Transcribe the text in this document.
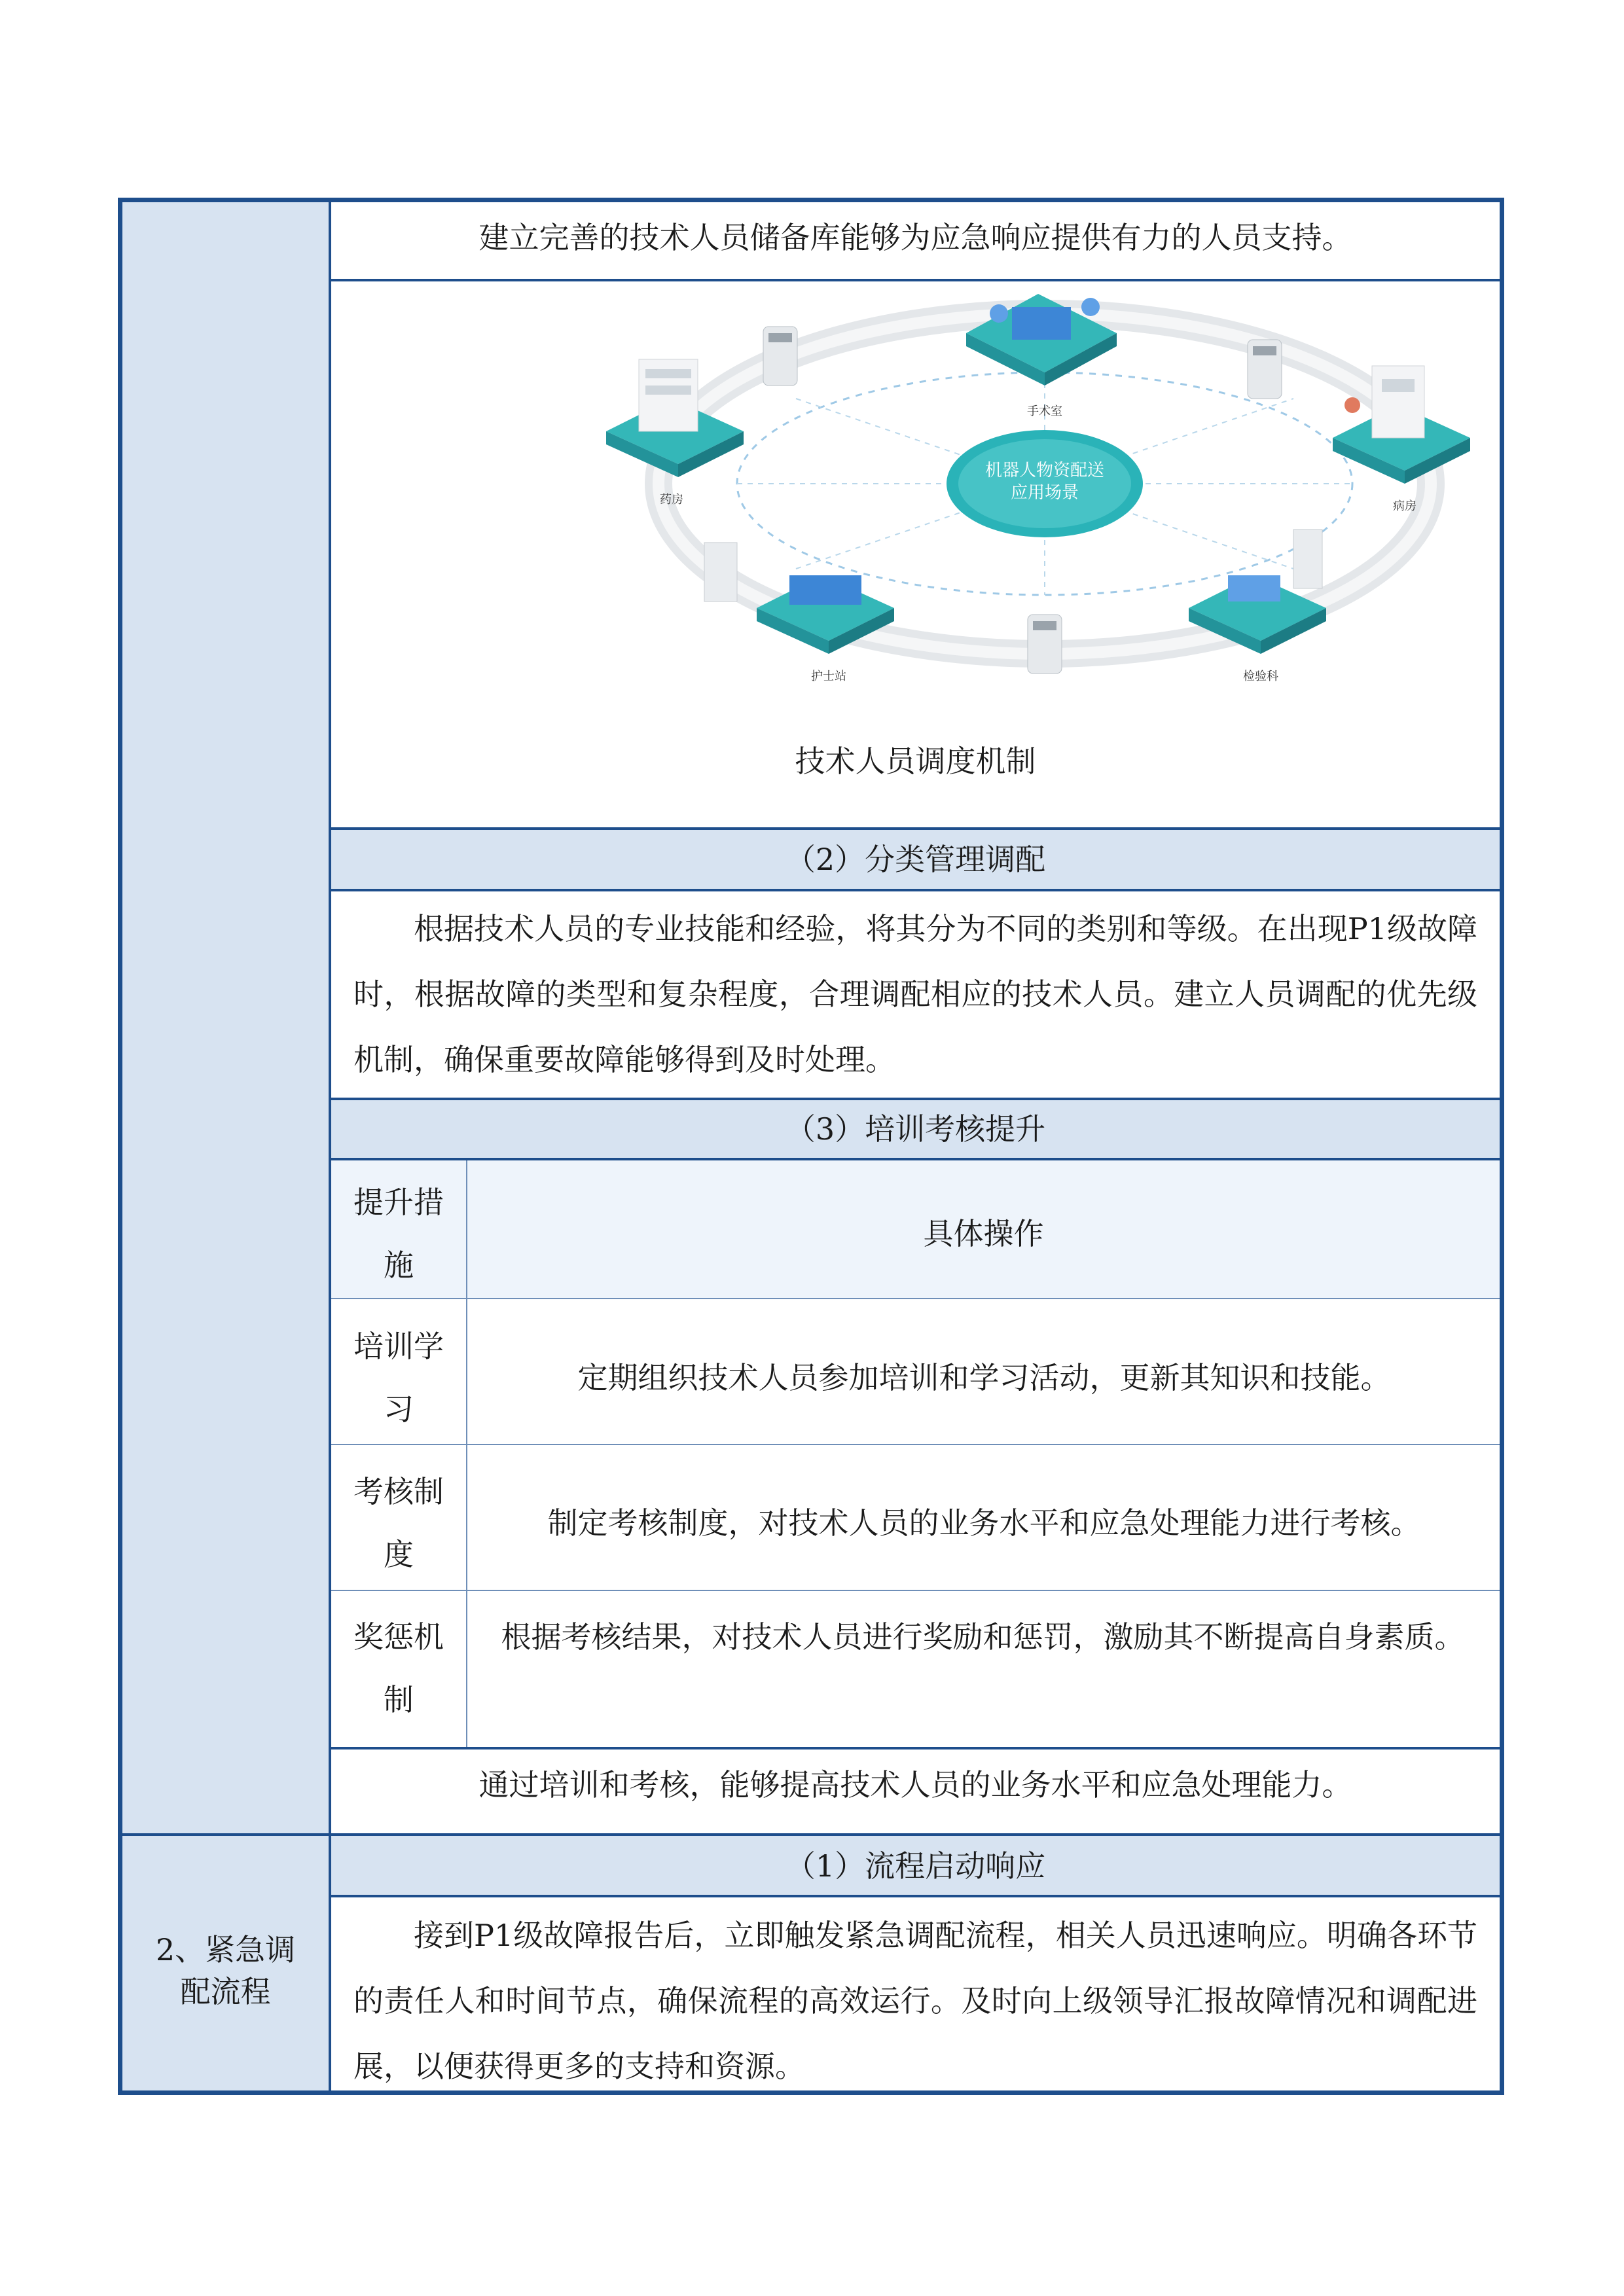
2、紧急调
配流程
建立完善的技术人员储备库能够为应急响应提供有力的人员支持。
机器人物资配送
应用场景
手术室
病房
检验科
护士站
药房
技术人员调度机制
（2）分类管理调配
根据技术人员的专业技能和经验，将其分为不同的类别和等级。在出现P1级故障时，根据故障的类型和复杂程度，合理调配相应的技术人员。建立人员调配的优先级机制，确保重要故障能够得到及时处理。
（3）培训考核提升
提升措
施
具体操作
培训学
习
定期组织技术人员参加培训和学习活动，更新其知识和技能。
考核制
度
制定考核制度，对技术人员的业务水平和应急处理能力进行考核。
奖惩机
制
根据考核结果，对技术人员进行奖励和惩罚，激励其不断提高自身素质。
通过培训和考核，能够提高技术人员的业务水平和应急处理能力。
（1）流程启动响应
接到P1级故障报告后，立即触发紧急调配流程，相关人员迅速响应。明确各环节的责任人和时间节点，确保流程的高效运行。及时向上级领导汇报故障情况和调配进展，以便获得更多的支持和资源。
